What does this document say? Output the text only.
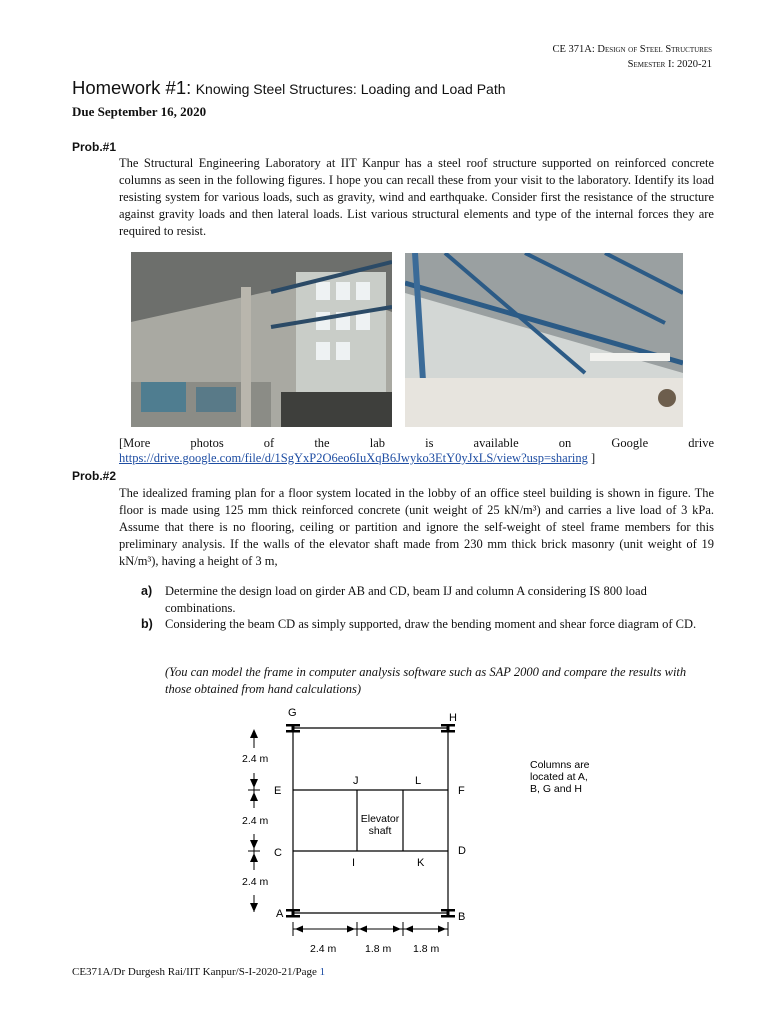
CE 371A: Design of Steel Structures
Semester I: 2020-21
Homework #1: Knowing Steel Structures: Loading and Load Path
Due September 16, 2020
Prob.#1
The Structural Engineering Laboratory at IIT Kanpur has a steel roof structure supported on reinforced concrete columns as seen in the following figures. I hope you can recall these from your visit to the laboratory. Identify its load resisting system for various loads, such as gravity, wind and earthquake. Consider first the resistance of the structure against gravity loads and then lateral loads. List various structural elements and type of the internal forces they are required to resist.
[More photos of the lab is available on Google drive
https://drive.google.com/file/d/1SgYxP2O6eo6IuXqB6Jwyko3EtY0yJxLS/view?usp=sharing ]
Prob.#2
The idealized framing plan for a floor system located in the lobby of an office steel building is shown in figure. The floor is made using 125 mm thick reinforced concrete (unit weight of 25 kN/m³) and carries a live load of 3 kPa. Assume that there is no flooring, ceiling or partition and ignore the self-weight of steel frame members for this preliminary analysis. If the walls of the elevator shaft made from 230 mm thick brick masonry (unit weight of 19 kN/m³), having a height of 3 m,
a) Determine the design load on girder AB and CD, beam IJ and column A considering IS 800 load combinations.
b) Considering the beam CD as simply supported, draw the bending moment and shear force diagram of CD.
(You can model the frame in computer analysis software such as SAP 2000 and compare the results with those obtained from hand calculations)
G	H
E	F
C	D
A	B
J	L
I	K
Elevator
shaft
2.4 m
2.4 m
2.4 m
2.4 m	1.8 m 1.8 m
Columns are
located at A,
B, G and H
CE371A/Dr Durgesh Rai/IIT Kanpur/S-I-2020-21/Page 1
